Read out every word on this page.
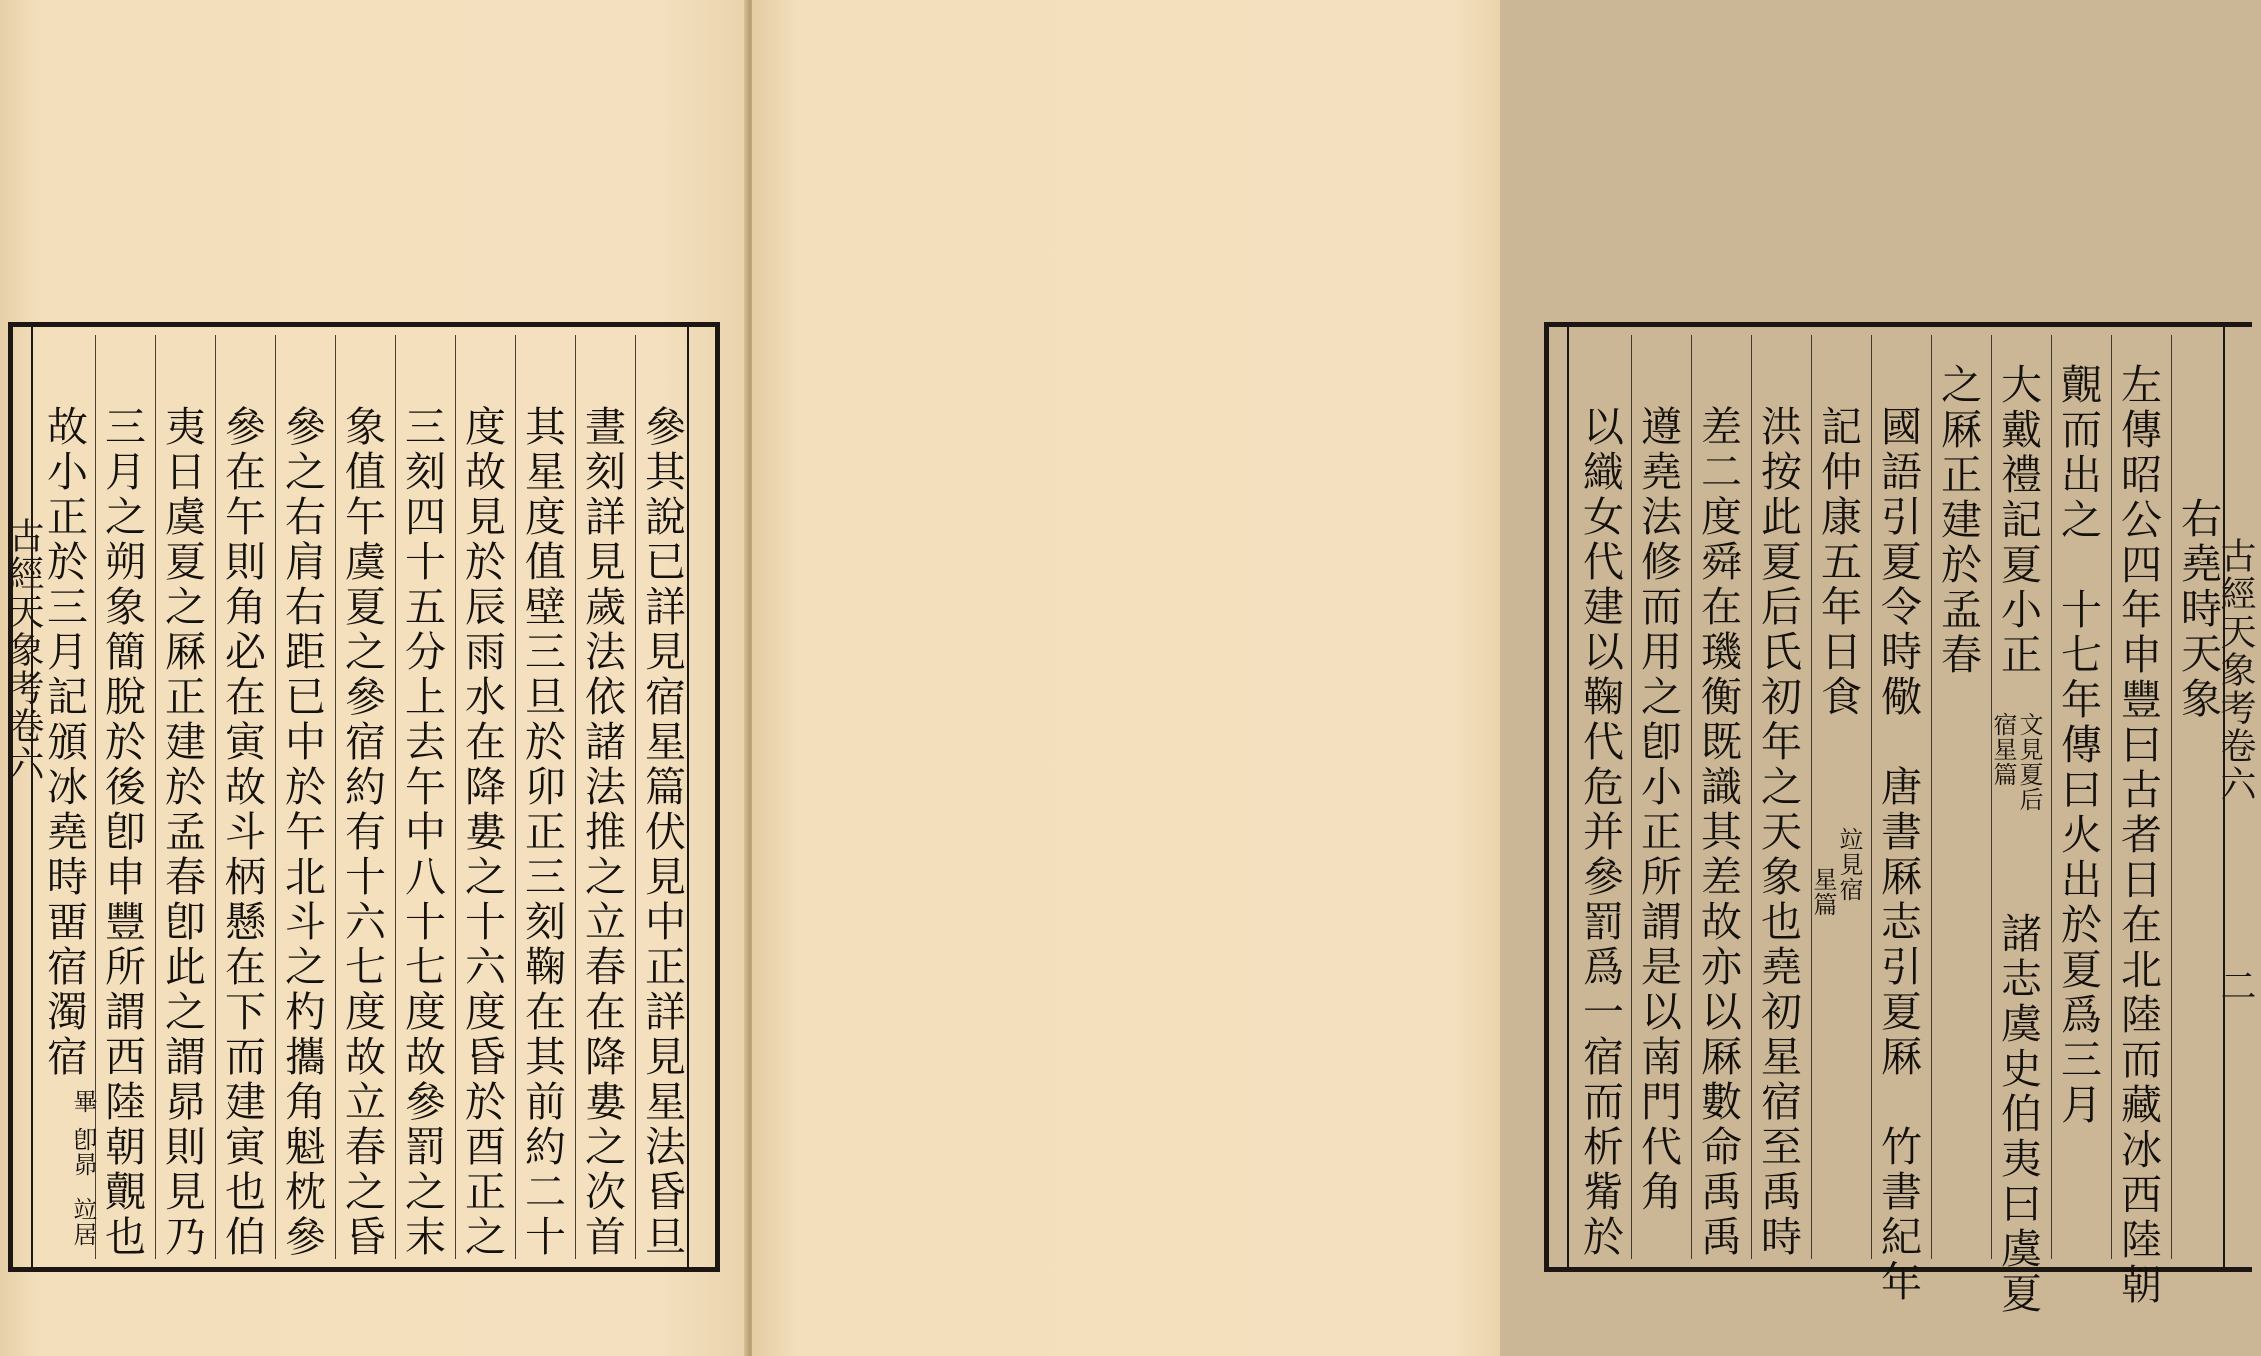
參其說已詳見宿星篇伏見中正詳見星法昏旦
晝刻詳見歲法依諸法推之立春在降婁之次首
其星度值壁三旦於卯正三刻鞠在其前約二十
度故見於辰雨水在降婁之十六度昏於酉正之
三刻四十五分上去午中八十七度故參罰之末
象值午虞夏之參宿約有十六七度故立春之昏
參之右肩右距已中於午北斗之杓攜角魁枕參
參在午則角必在寅故斗柄懸在下而建寅也伯
夷日虞夏之厤正建於孟春卽此之謂昴則見乃
三月之朔象簡脫於後卽申豐所謂西陸朝覿也
故小正於三月記頒冰堯時畱宿濁宿
畢
卽昴
竝居
古經天象考卷六	右堯時天象
左傳昭公四年申豐曰古者日在北陸而藏冰西陸朝
覿而出之　十七年傳曰火出於夏爲三月
大戴禮記夏小正
文見夏后
宿星篇
諸志虞史伯夷曰虞夏
之厤正建於孟春
國語引夏令時儆　唐書厤志引夏厤　竹書紀年
記仲康五年日食
竝見宿
星篇
洪按此夏后氏初年之天象也堯初星宿至禹時
差二度舜在璣衡既識其差故亦以厤數命禹禹
遵堯法修而用之卽小正所謂是以南門代角
以織女代建以鞠代危并參罰爲一宿而析觜於	古經天象考卷六
二
